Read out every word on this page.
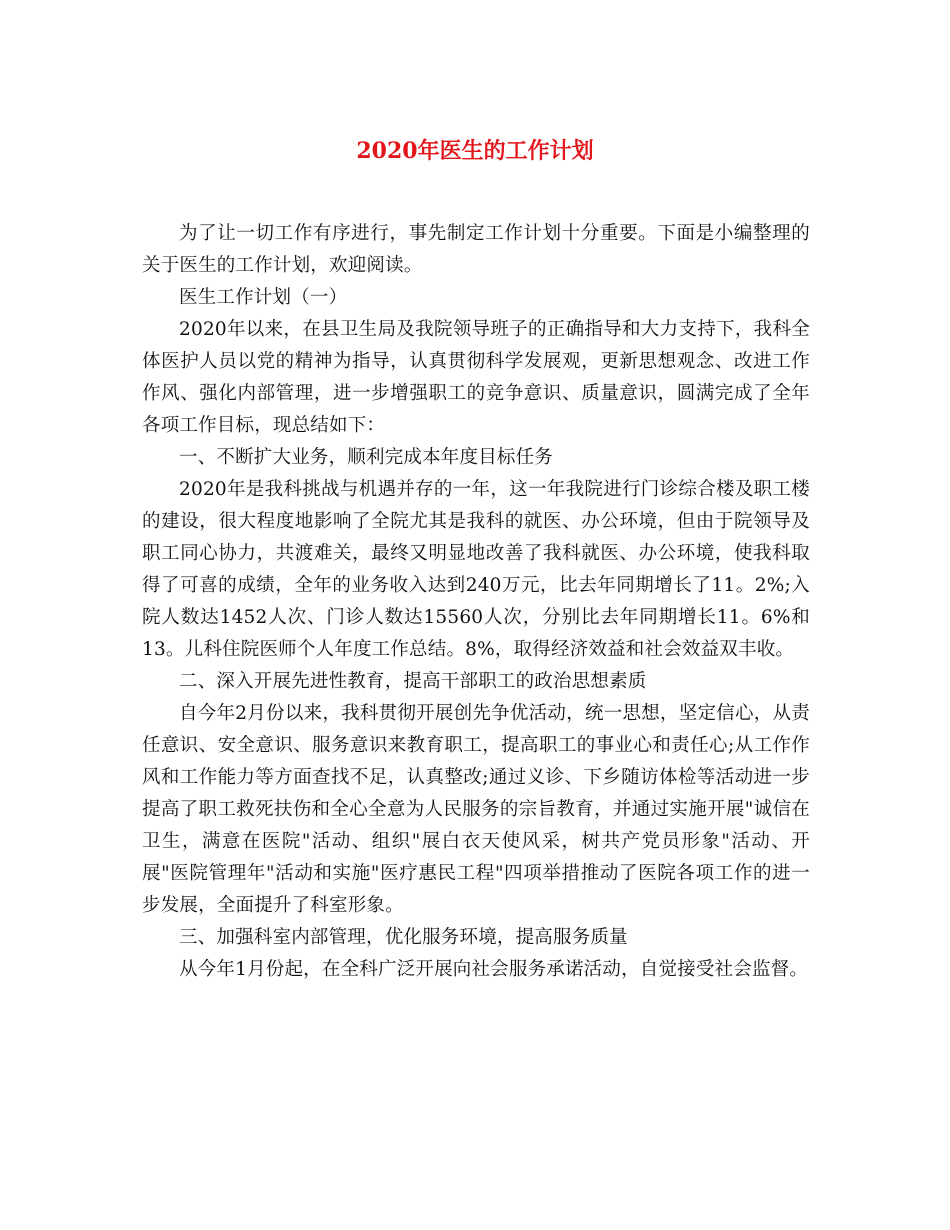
2020年医生的工作计划

为了让一切工作有序进行，事先制定工作计划十分重要。下面是小编整理的关于医生的工作计划，欢迎阅读。

医生工作计划（一）

2020年以来，在县卫生局及我院领导班子的正确指导和大力支持下，我科全体医护人员以党的精神为指导，认真贯彻科学发展观，更新思想观念、改进工作作风、强化内部管理，进一步增强职工的竞争意识、质量意识，圆满完成了全年各项工作目标，现总结如下：

一、不断扩大业务，顺利完成本年度目标任务

2020年是我科挑战与机遇并存的一年，这一年我院进行门诊综合楼及职工楼的建设，很大程度地影响了全院尤其是我科的就医、办公环境，但由于院领导及职工同心协力，共渡难关，最终又明显地改善了我科就医、办公环境，使我科取得了可喜的成绩，全年的业务收入达到240万元，比去年同期增长了11。2%;入院人数达1452人次、门诊人数达15560人次，分别比去年同期增长11。6%和13。儿科住院医师个人年度工作总结。8%，取得经济效益和社会效益双丰收。

二、深入开展先进性教育，提高干部职工的政治思想素质

自今年2月份以来，我科贯彻开展创先争优活动，统一思想，坚定信心，从责任意识、安全意识、服务意识来教育职工，提高职工的事业心和责任心;从工作作风和工作能力等方面查找不足，认真整改;通过义诊、下乡随访体检等活动进一步提高了职工救死扶伤和全心全意为人民服务的宗旨教育，并通过实施开展"诚信在卫生，满意在医院"活动、组织"展白衣天使风采，树共产党员形象"活动、开展"医院管理年"活动和实施"医疗惠民工程"四项举措推动了医院各项工作的进一步发展，全面提升了科室形象。

三、加强科室内部管理，优化服务环境，提高服务质量

从今年1月份起，在全科广泛开展向社会服务承诺活动，自觉接受社会监督。
